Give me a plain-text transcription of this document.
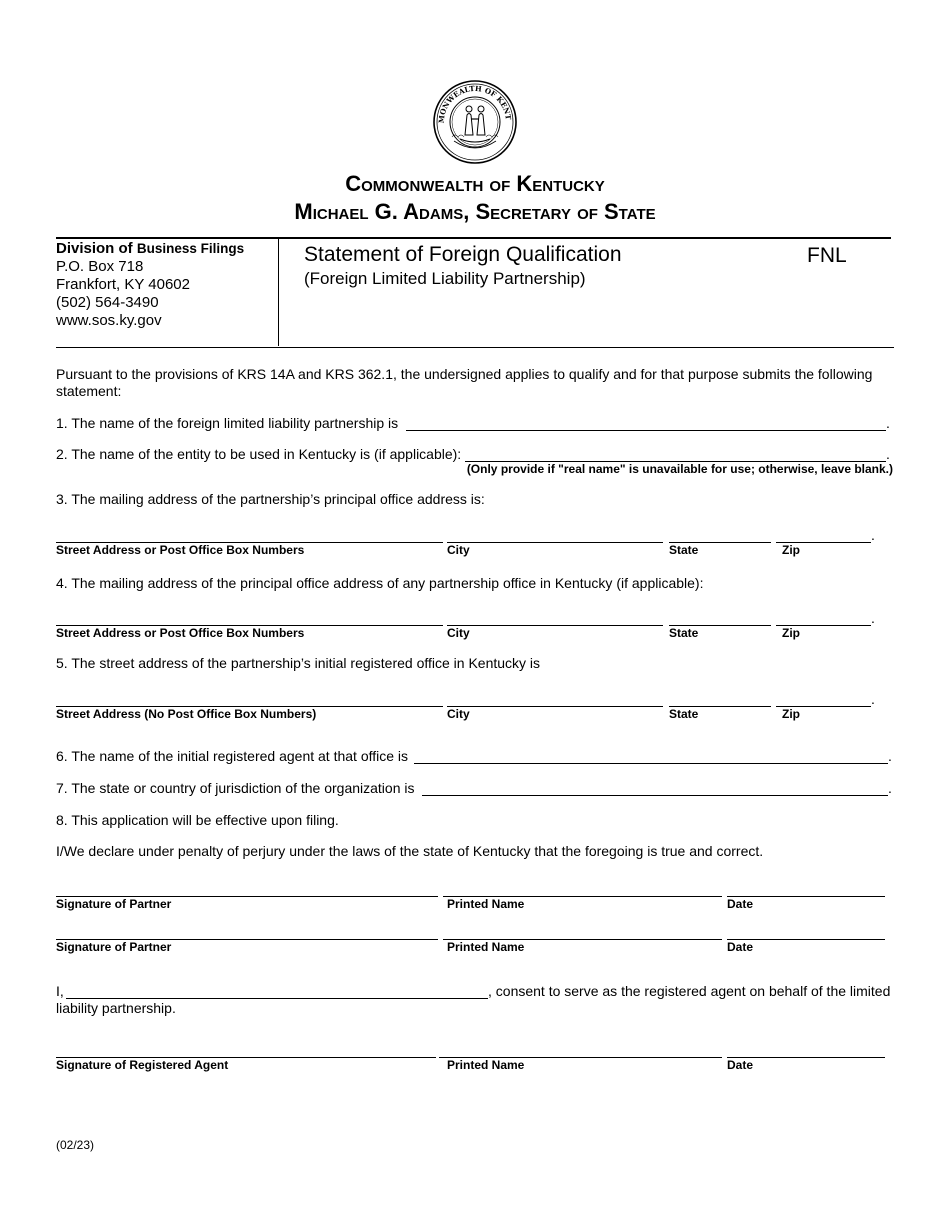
MONWEALTH OF KENT
Commonwealth of Kentucky
Michael G. Adams, Secretary of State
Division of Business Filings
P.O. Box 718
Frankfort, KY 40602
(502) 564-3490
www.sos.ky.gov
Statement of Foreign Qualification
(Foreign Limited Liability Partnership)
FNL
Pursuant to the provisions of KRS 14A and KRS 362.1, the undersigned applies to qualify and for that purpose submits the following statement:
1. The name of the foreign limited liability partnership is	.
2. The name of the entity to be used in Kentucky is (if applicable):	.
(Only provide if "real name" is unavailable for use; otherwise, leave blank.)
3. The mailing address of the partnership’s principal office address is:
.
Street Address or Post Office Box Numbers	City	State	Zip
4. The mailing address of the principal office address of any partnership office in Kentucky (if applicable):
.
Street Address or Post Office Box Numbers	City	State	Zip
5. The street address of the partnership’s initial registered office in Kentucky is
.
Street Address (No Post Office Box Numbers)	City	State	Zip
6. The name of the initial registered agent at that office is	.
7. The state or country of jurisdiction of the organization is	.
8. This application will be effective upon filing.
I/We declare under penalty of perjury under the laws of the state of Kentucky that the foregoing is true and correct.
Signature of Partner	Printed Name	Date
Signature of Partner	Printed Name	Date
I,	, consent to serve as the registered agent on behalf of the limited
liability partnership.
Signature of Registered Agent	Printed Name	Date
(02/23)
